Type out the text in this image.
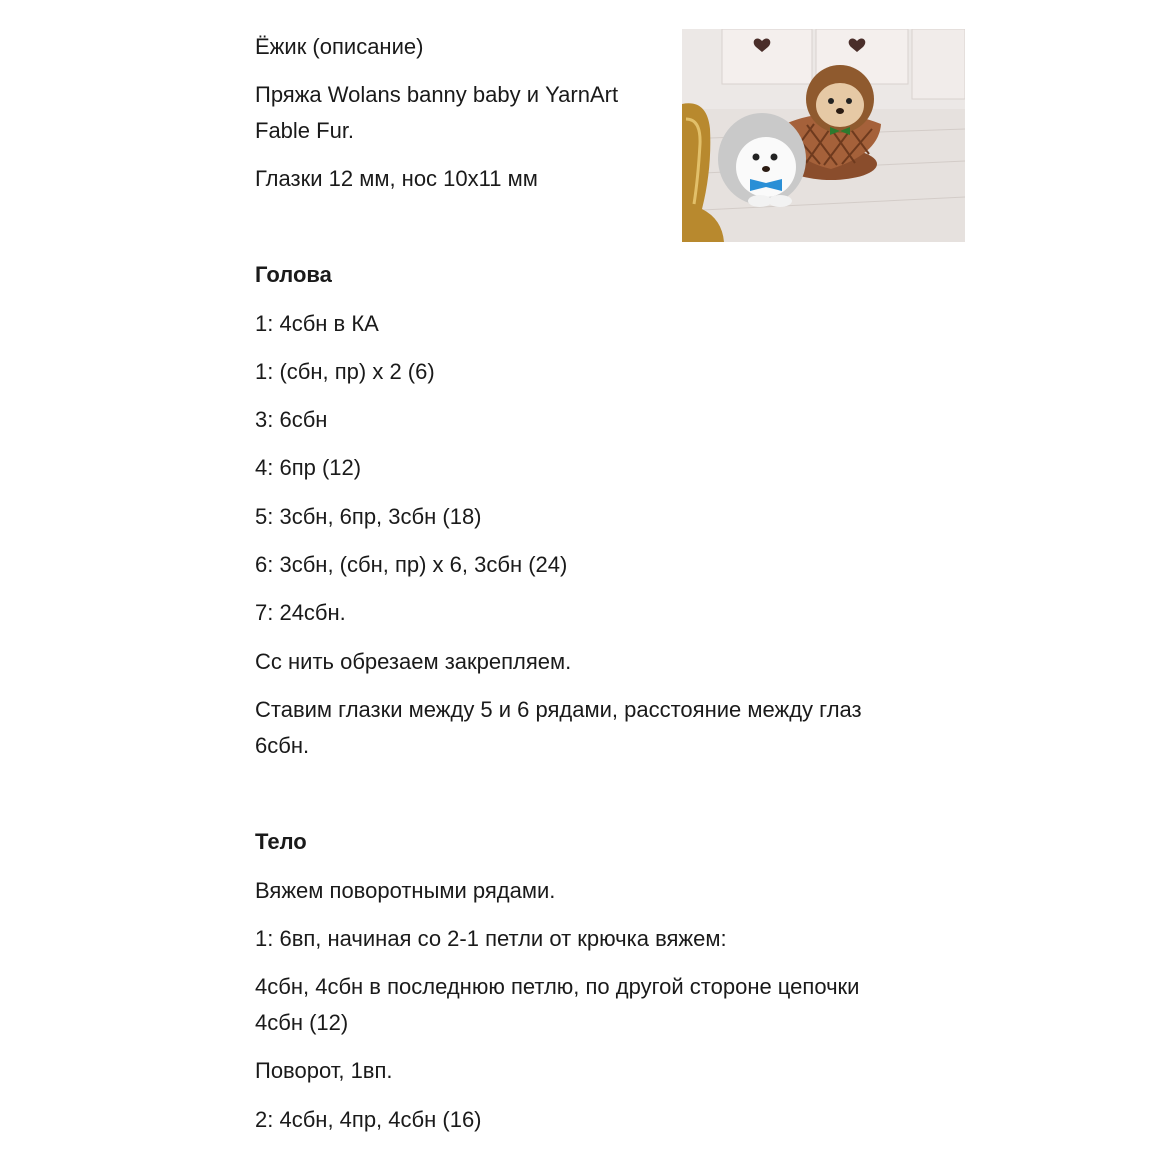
Ёжик (описание)
Пряжа Wolans banny baby и YarnArt
Fable Fur.
Глазки 12 мм, нос 10х11 мм
Голова
1: 4сбн в КА
1: (сбн, пр) х 2 (6)
3: 6сбн
4: 6пр (12)
5: 3сбн, 6пр, 3сбн (18)
6: 3сбн, (сбн, пр) х 6, 3сбн (24)
7: 24сбн.
Сс нить обрезаем закрепляем.
Ставим глазки между 5 и 6 рядами, расстояние между глаз
6сбн.
Тело
Вяжем поворотными рядами.
1: 6вп, начиная со 2-1 петли от крючка вяжем:
4сбн, 4сбн в последнюю петлю, по другой стороне цепочки
4сбн (12)
Поворот, 1вп.
2: 4сбн, 4пр, 4сбн (16)
